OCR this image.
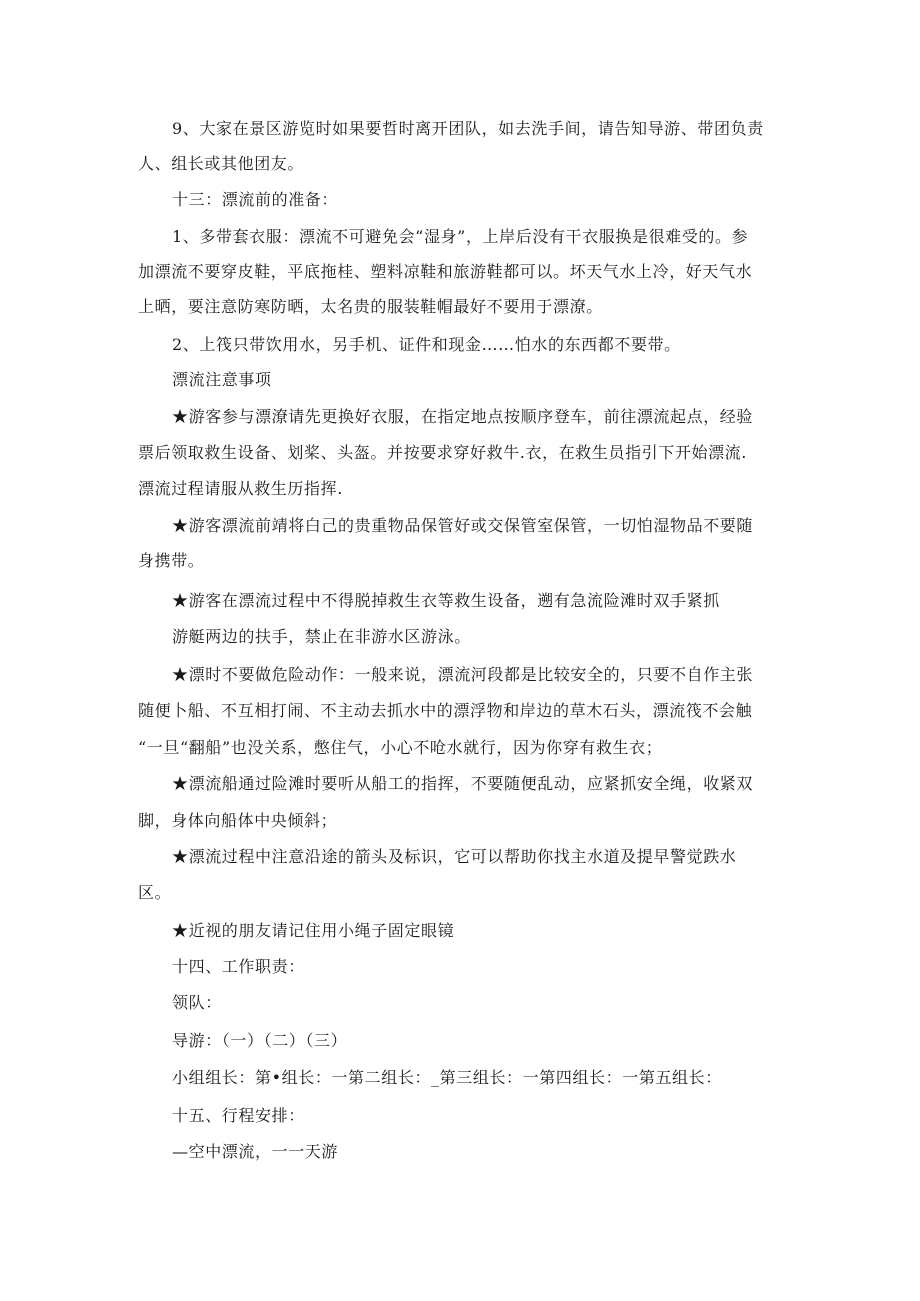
9、大家在景区游览时如果要哲时离开团队，如去洗手间，请告知导游、带团负责

人、组长或其他团友。

十三：漂流前的准备：

1、多带套衣服：漂流不可避免会“湿身”，上岸后没有干衣服换是很难受的。参

加漂流不要穿皮鞋，平底拖桂、塑料凉鞋和旅游鞋都可以。坏天气水上冷，好天气水

上晒，要注意防寒防晒，太名贵的服装鞋帽最好不要用于漂潦。

2、上筏只带饮用水，另手机、证件和现金……怕水的东西都不要带。

漂流注意事项

★游客参与漂潦请先更换好衣服，在指定地点按顺序登车，前往漂流起点，经验

票后领取救生设备、划桨、头盔。并按要求穿好救牛.衣，在救生员指引下开始漂流.

漂流过程请服从救生历指挥.

★游客漂流前靖将白己的贵重物品保管好或交保管室保管，一切怕湿物品不要随

身携带。

★游客在漂流过程中不得脱掉救生衣等救生设备，遡有急流险滩时双手紧抓

游艇两边的扶手，禁止在非游水区游泳。

★漂时不要做危险动作：一般来说，漂流河段都是比较安全的，只要不自作主张

随便卜船、不互相打闹、不主动去抓水中的漂浮物和岸边的草木石头，漂流筏不会触

“一旦“翻船”也没关系，憋住气，小心不呛水就行，因为你穿有救生衣；

★漂流船通过险滩时要听从船工的指挥，不要随便乱动，应紧抓安全绳，收紧双

脚，身体向船体中央倾斜；

★漂流过程中注意沿途的箭头及标识，它可以帮助你找主水道及提早警觉跌水

区。

★近视的朋友请记住用小绳子固定眼镜

十四、工作职责：

领队：

导游：（一）（二）（三）

小组组长：第•组长：一第二组长：_第三组长：一第四组长：一第五组长：

十五、行程安排：

—空中漂流，一一天游
